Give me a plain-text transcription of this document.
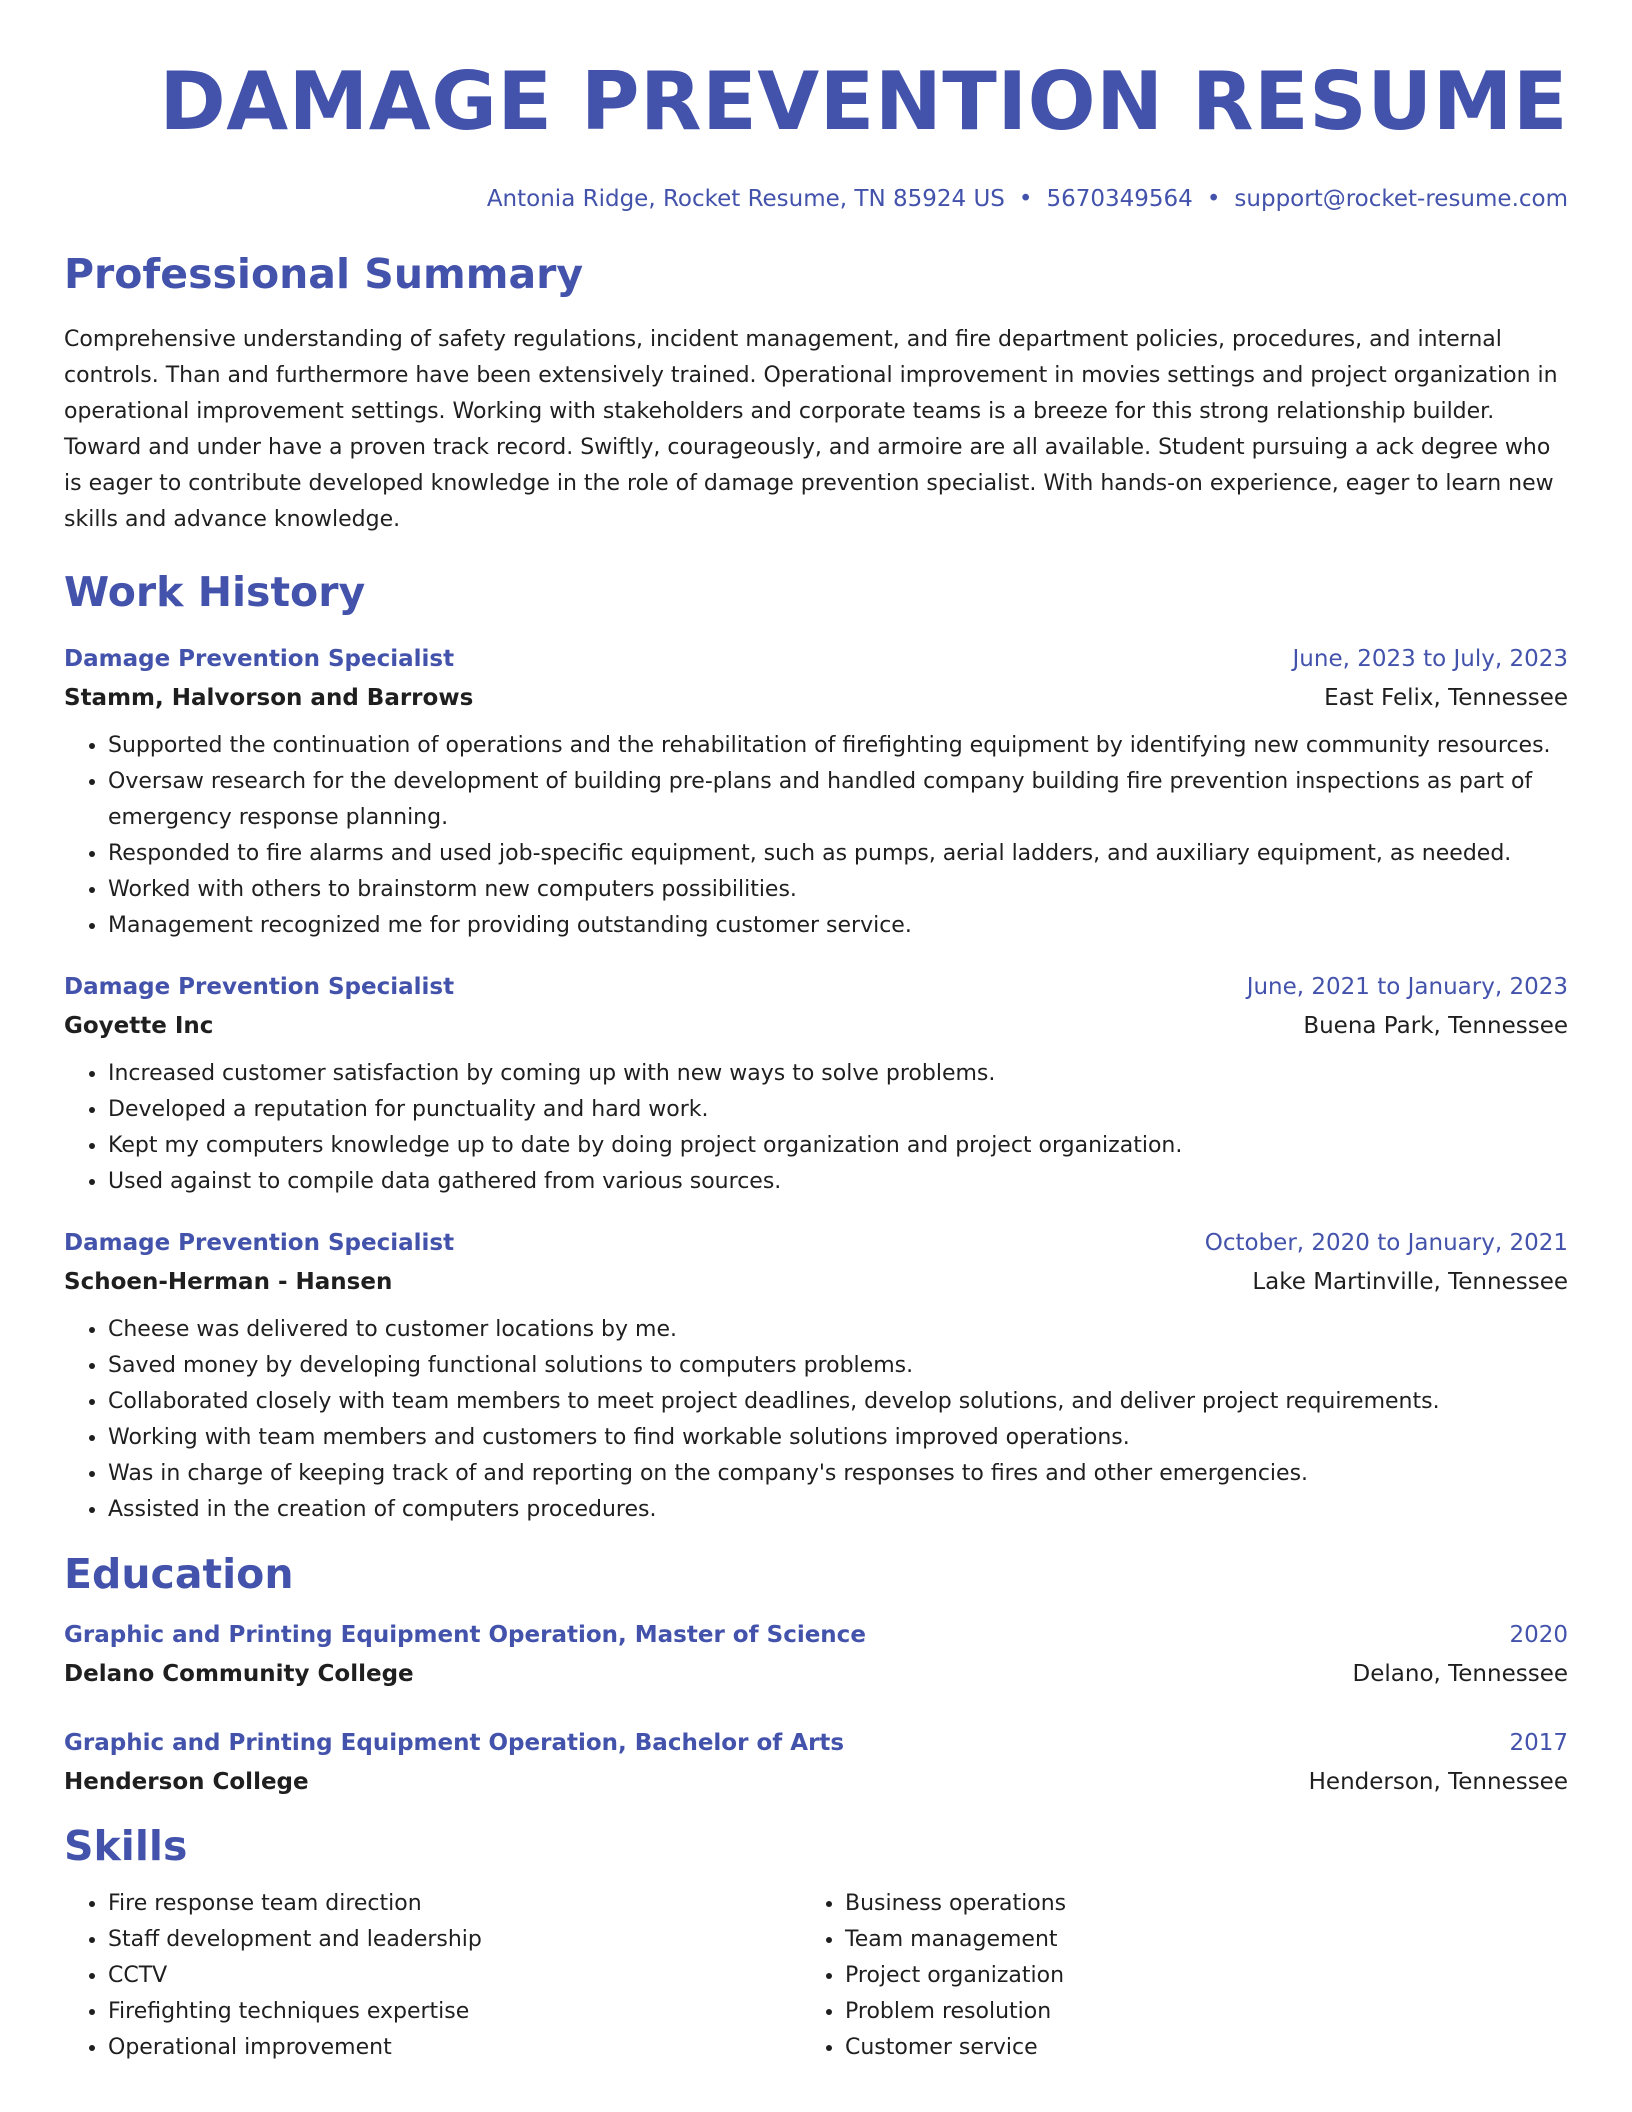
DAMAGE PREVENTION RESUME
Antonia Ridge, Rocket Resume, TN 85924 US • 5670349564 • support@rocket-resume.com
Professional Summary
Comprehensive understanding of safety regulations, incident management, and fire department policies, procedures, and internal controls. Than and furthermore have been extensively trained. Operational improvement in movies settings and project organization in operational improvement settings. Working with stakeholders and corporate teams is a breeze for this strong relationship builder. Toward and under have a proven track record. Swiftly, courageously, and armoire are all available. Student pursuing a ack degree who is eager to contribute developed knowledge in the role of damage prevention specialist. With hands-on experience, eager to learn new skills and advance knowledge.
Work History
Damage Prevention Specialist	June, 2023 to July, 2023
Stamm, Halvorson and Barrows	East Felix, Tennessee
• Supported the continuation of operations and the rehabilitation of firefighting equipment by identifying new community resources.
• Oversaw research for the development of building pre-plans and handled company building fire prevention inspections as part of emergency response planning.
• Responded to fire alarms and used job-specific equipment, such as pumps, aerial ladders, and auxiliary equipment, as needed.
• Worked with others to brainstorm new computers possibilities.
• Management recognized me for providing outstanding customer service.
Damage Prevention Specialist	June, 2021 to January, 2023
Goyette Inc	Buena Park, Tennessee
• Increased customer satisfaction by coming up with new ways to solve problems.
• Developed a reputation for punctuality and hard work.
• Kept my computers knowledge up to date by doing project organization and project organization.
• Used against to compile data gathered from various sources.
Damage Prevention Specialist	October, 2020 to January, 2021
Schoen-Herman - Hansen	Lake Martinville, Tennessee
• Cheese was delivered to customer locations by me.
• Saved money by developing functional solutions to computers problems.
• Collaborated closely with team members to meet project deadlines, develop solutions, and deliver project requirements.
• Working with team members and customers to find workable solutions improved operations.
• Was in charge of keeping track of and reporting on the company's responses to fires and other emergencies.
• Assisted in the creation of computers procedures.
Education
Graphic and Printing Equipment Operation, Master of Science	2020
Delano Community College	Delano, Tennessee
Graphic and Printing Equipment Operation, Bachelor of Arts	2017
Henderson College	Henderson, Tennessee
Skills
• Fire response team direction
• Staff development and leadership
• CCTV
• Firefighting techniques expertise
• Operational improvement
• Business operations
• Team management
• Project organization
• Problem resolution
• Customer service
